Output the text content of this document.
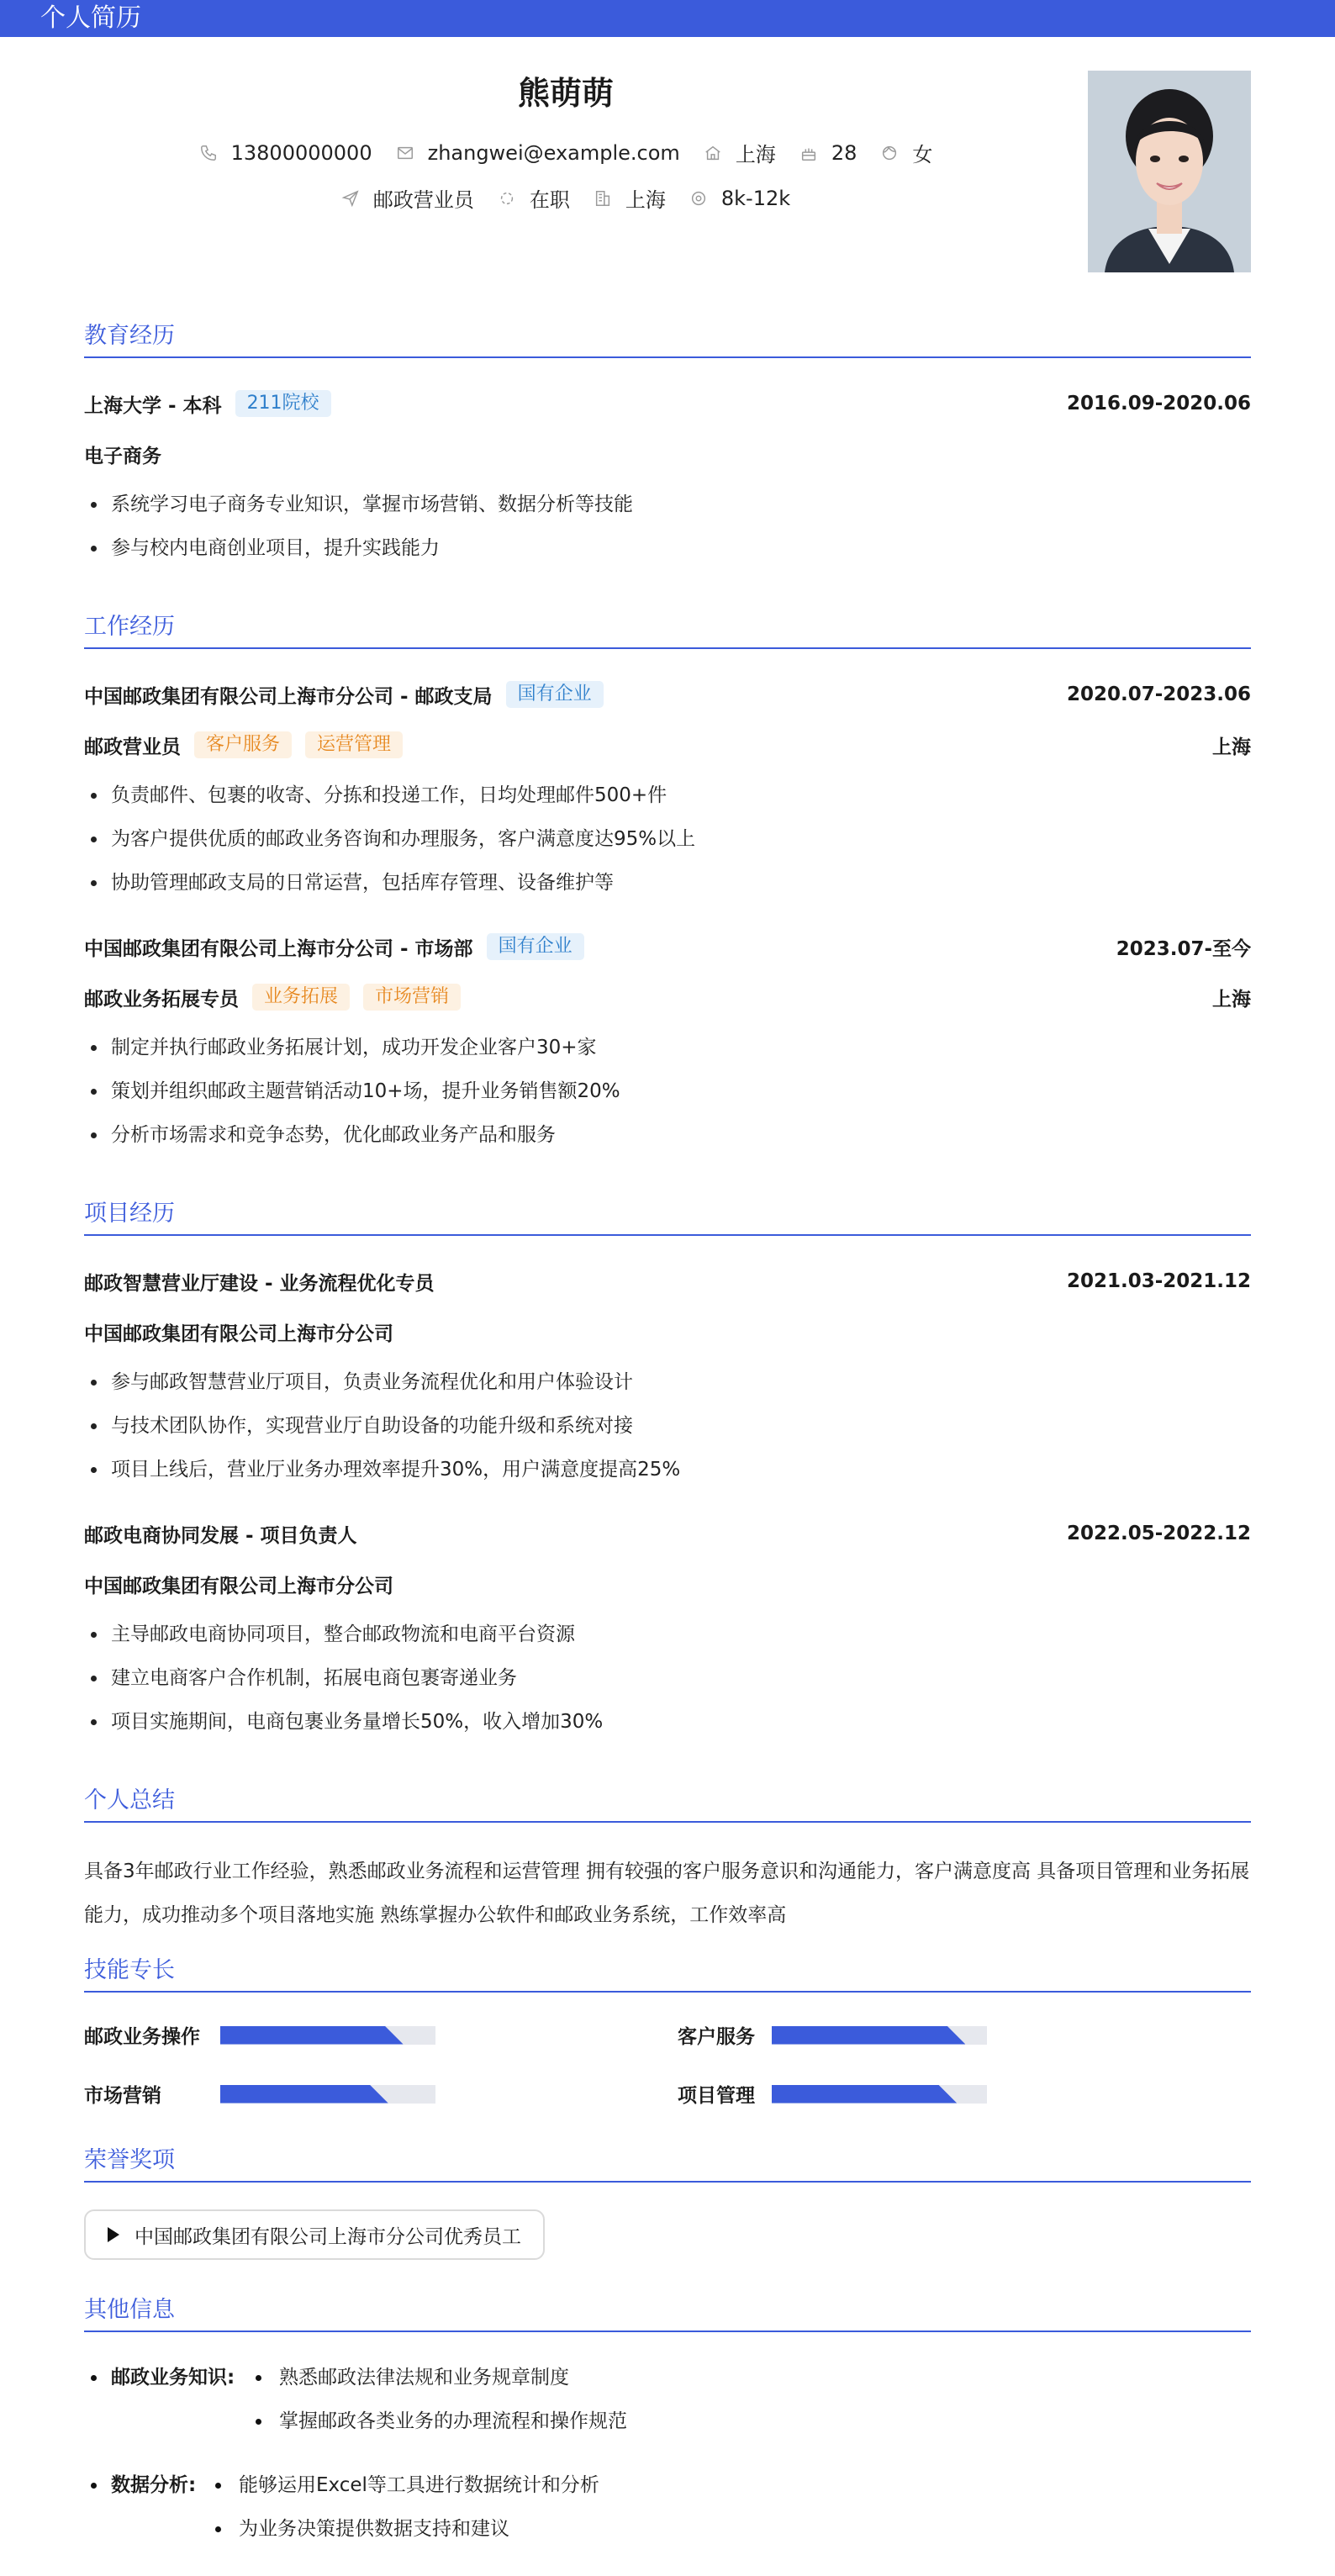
个人简历
熊萌萌
13800000000	zhangwei@example.com	上海	28	女
邮政营业员	在职	上海	8k-12k
教育经历
上海大学 - 本科	211院校	2016.09-2020.06
电子商务
系统学习电子商务专业知识，掌握市场营销、数据分析等技能
参与校内电商创业项目，提升实践能力
工作经历
中国邮政集团有限公司上海市分公司 - 邮政支局	国有企业	2020.07-2023.06
邮政营业员	客户服务	运营管理	上海
负责邮件、包裹的收寄、分拣和投递工作，日均处理邮件500+件
为客户提供优质的邮政业务咨询和办理服务，客户满意度达95%以上
协助管理邮政支局的日常运营，包括库存管理、设备维护等
中国邮政集团有限公司上海市分公司 - 市场部	国有企业	2023.07-至今
邮政业务拓展专员	业务拓展	市场营销	上海
制定并执行邮政业务拓展计划，成功开发企业客户30+家
策划并组织邮政主题营销活动10+场，提升业务销售额20%
分析市场需求和竞争态势，优化邮政业务产品和服务
项目经历
邮政智慧营业厅建设 - 业务流程优化专员	2021.03-2021.12
中国邮政集团有限公司上海市分公司
参与邮政智慧营业厅项目，负责业务流程优化和用户体验设计
与技术团队协作，实现营业厅自助设备的功能升级和系统对接
项目上线后，营业厅业务办理效率提升30%，用户满意度提高25%
邮政电商协同发展 - 项目负责人	2022.05-2022.12
中国邮政集团有限公司上海市分公司
主导邮政电商协同项目，整合邮政物流和电商平台资源
建立电商客户合作机制，拓展电商包裹寄递业务
项目实施期间，电商包裹业务量增长50%，收入增加30%
个人总结
具备3年邮政行业工作经验，熟悉邮政业务流程和运营管理 拥有较强的客户服务意识和沟通能力，客户满意度高 具备项目管理和业务拓展能力，成功推动多个项目落地实施 熟练掌握办公软件和邮政业务系统，工作效率高
技能专长
邮政业务操作	客户服务
市场营销	项目管理
荣誉奖项
中国邮政集团有限公司上海市分公司优秀员工
其他信息
邮政业务知识:	熟悉邮政法律法规和业务规章制度
掌握邮政各类业务的办理流程和操作规范
数据分析:	能够运用Excel等工具进行数据统计和分析
为业务决策提供数据支持和建议
